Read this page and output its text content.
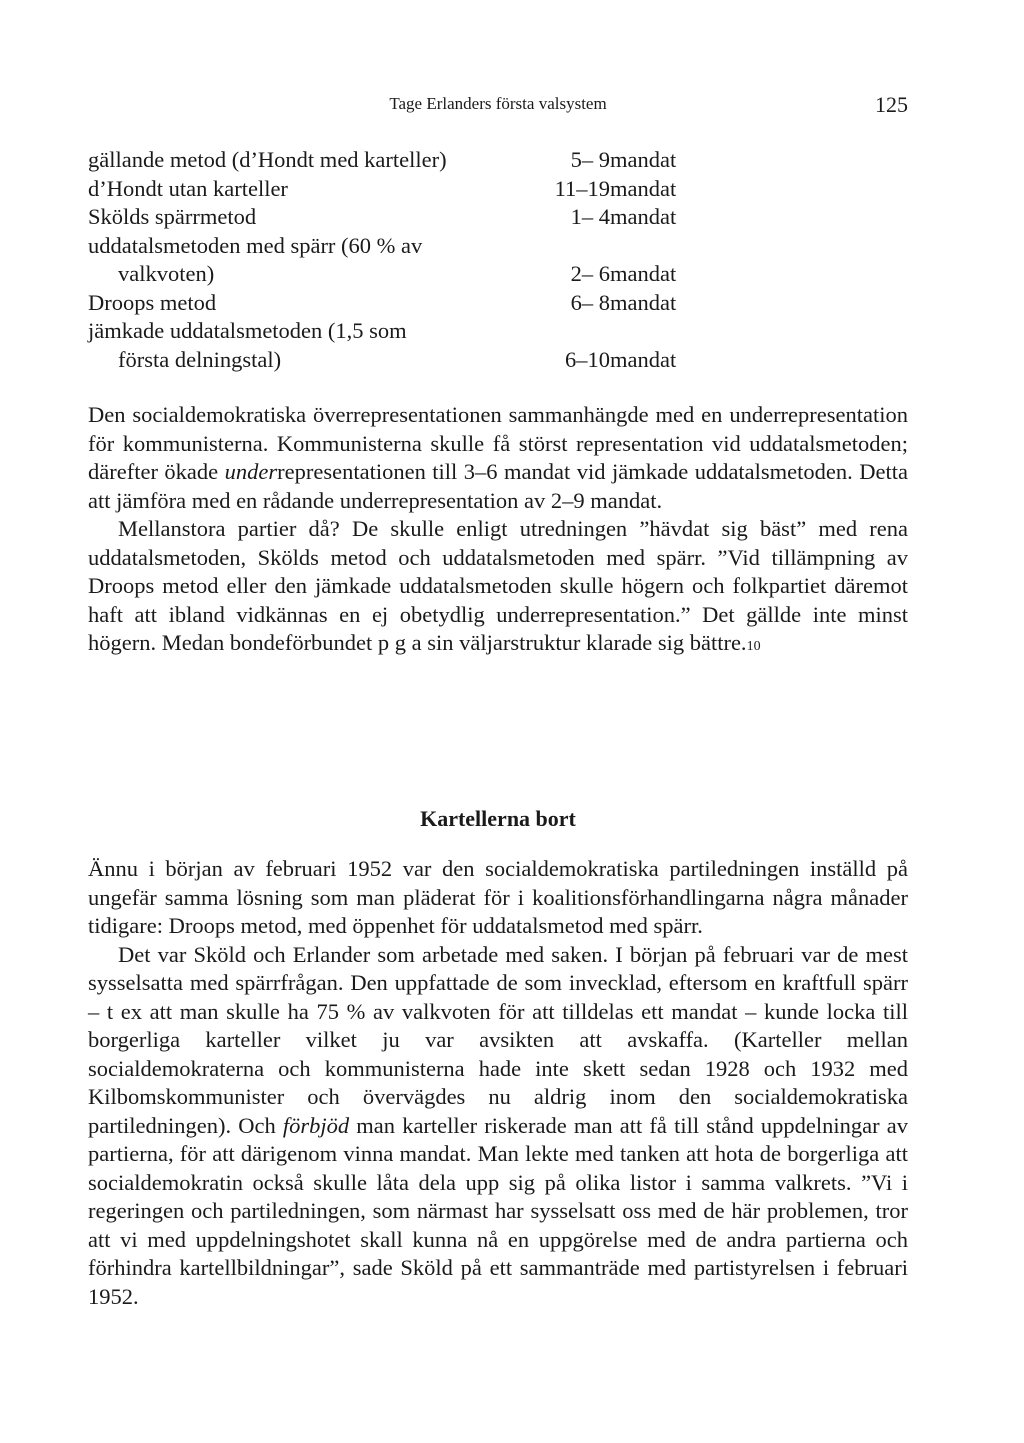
Tage Erlanders första valsystem	125
gällande metod (d’Hondt med karteller)	5– 9	mandat
d’Hondt utan karteller	11–19	mandat
Skölds spärrmetod	1– 4	mandat
uddatalsmetoden med spärr (60 % av
valkvoten)	2– 6	mandat
Droops metod	6– 8	mandat
jämkade uddatalsmetoden (1,5 som
första delningstal)	6–10	mandat

Den socialdemokratiska överrepresentationen sammanhängde med en underrepresentation för kommunisterna. Kommunisterna skulle få störst representation vid uddatalsmetoden; därefter ökade underrepresentationen till 3–6 mandat vid jämkade uddatalsmetoden. Detta att jämföra med en rådande underrepresentation av 2–9 mandat.

Mellanstora partier då? De skulle enligt utredningen ”hävdat sig bäst” med rena uddatalsmetoden, Skölds metod och uddatalsmetoden med spärr. ”Vid tillämpning av Droops metod eller den jämkade uddatalsmetoden skulle högern och folkpartiet däremot haft att ibland vidkännas en ej obetydlig underrepresentation.” Det gällde inte minst högern. Medan bondeförbundet p g a sin väljarstruktur klarade sig bättre.10

Kartellerna bort

Ännu i början av februari 1952 var den socialdemokratiska partiledningen inställd på ungefär samma lösning som man pläderat för i koalitionsförhandlingarna några månader tidigare: Droops metod, med öppenhet för uddatalsmetod med spärr.

Det var Sköld och Erlander som arbetade med saken. I början på februari var de mest sysselsatta med spärrfrågan. Den uppfattade de som invecklad, eftersom en kraftfull spärr – t ex att man skulle ha 75 % av valkvoten för att tilldelas ett mandat – kunde locka till borgerliga karteller vilket ju var avsikten att avskaffa. (Karteller mellan socialdemokraterna och kommunisterna hade inte skett sedan 1928 och 1932 med Kilbomskommunister och övervägdes nu aldrig inom den socialdemokratiska partiledningen). Och förbjöd man karteller riskerade man att få till stånd uppdelningar av partierna, för att därigenom vinna mandat. Man lekte med tanken att hota de borgerliga att socialdemokratin också skulle låta dela upp sig på olika listor i samma valkrets. ”Vi i regeringen och partiledningen, som närmast har sysselsatt oss med de här problemen, tror att vi med uppdelningshotet skall kunna nå en uppgörelse med de andra partierna och förhindra kartellbildningar”, sade Sköld på ett sammanträde med partistyrelsen i februari 1952.
